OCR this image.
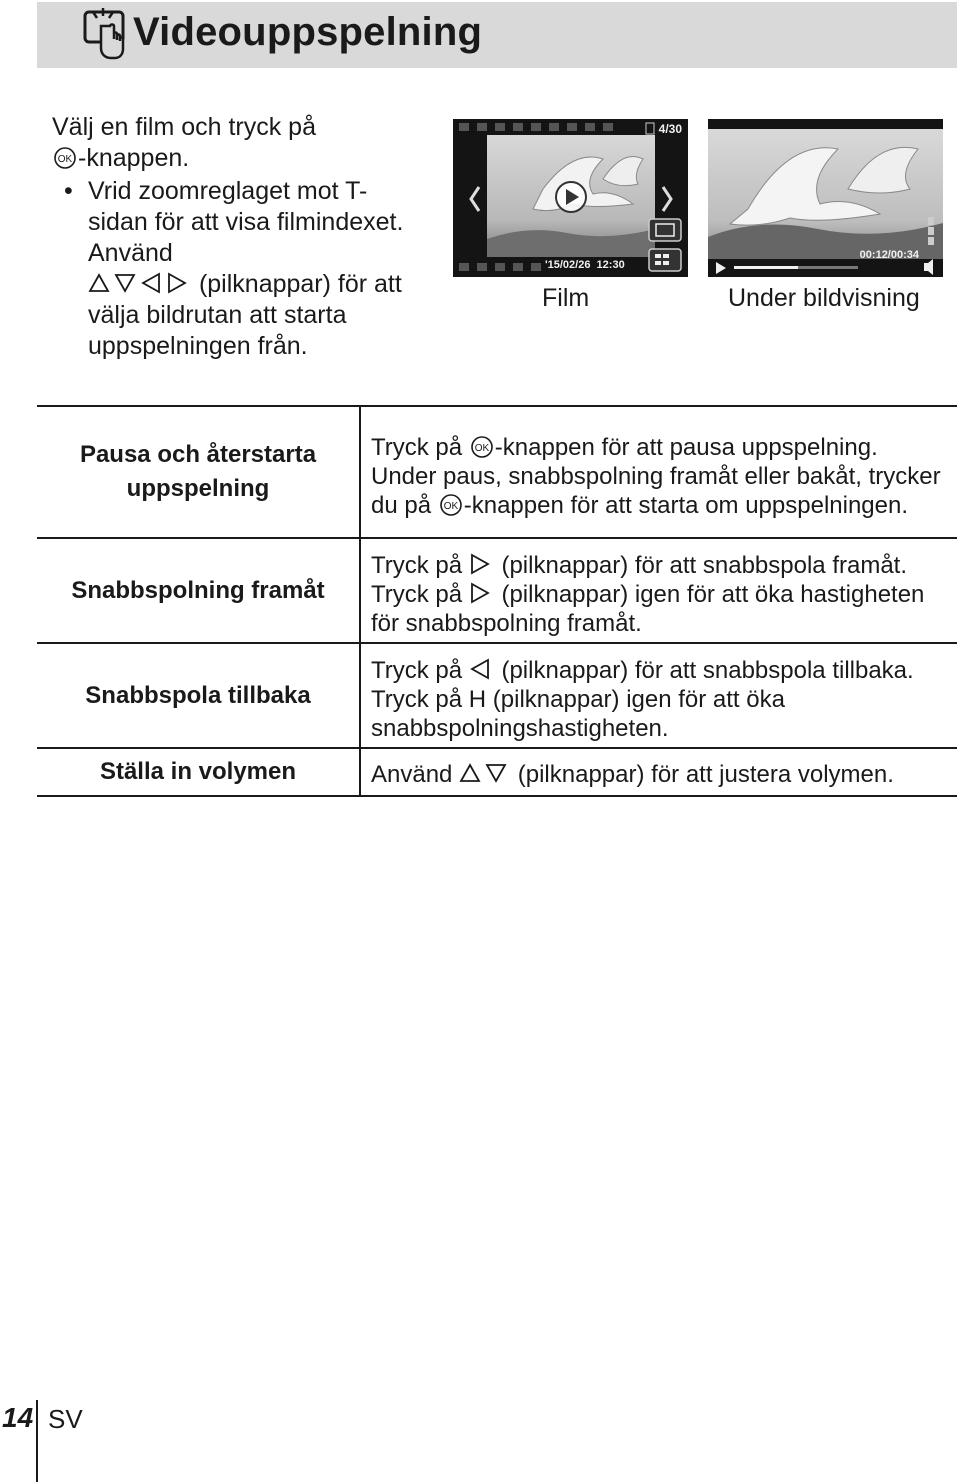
Videouppspelning
Välj en film och tryck på
OK -knappen.
• Vrid zoomreglaget mot T-sidan för att visa filmindexet. Använd
(pilknappar) för att välja bildrutan att starta uppspelningen från.
4/30
'15/02/26  12:30
Film
00:12/00:34
Under bildvisning
Pausa och återstarta uppspelning	Tryck på OK -knappen för att pausa uppspelning. Under paus, snabbspolning framåt eller bakåt, trycker du på OK -knappen för att starta om uppspelningen.
Snabbspolning framåt	Tryck på (pilknappar) för att snabbspola framåt. Tryck på (pilknappar) igen för att öka hastigheten för snabbspolning framåt.
Snabbspola tillbaka	Tryck på (pilknappar) för att snabbspola tillbaka. Tryck på H (pilknappar) igen för att öka snabbspolningshastigheten.
Ställa in volymen	Använd (pilknappar) för att justera volymen.
14 SV
